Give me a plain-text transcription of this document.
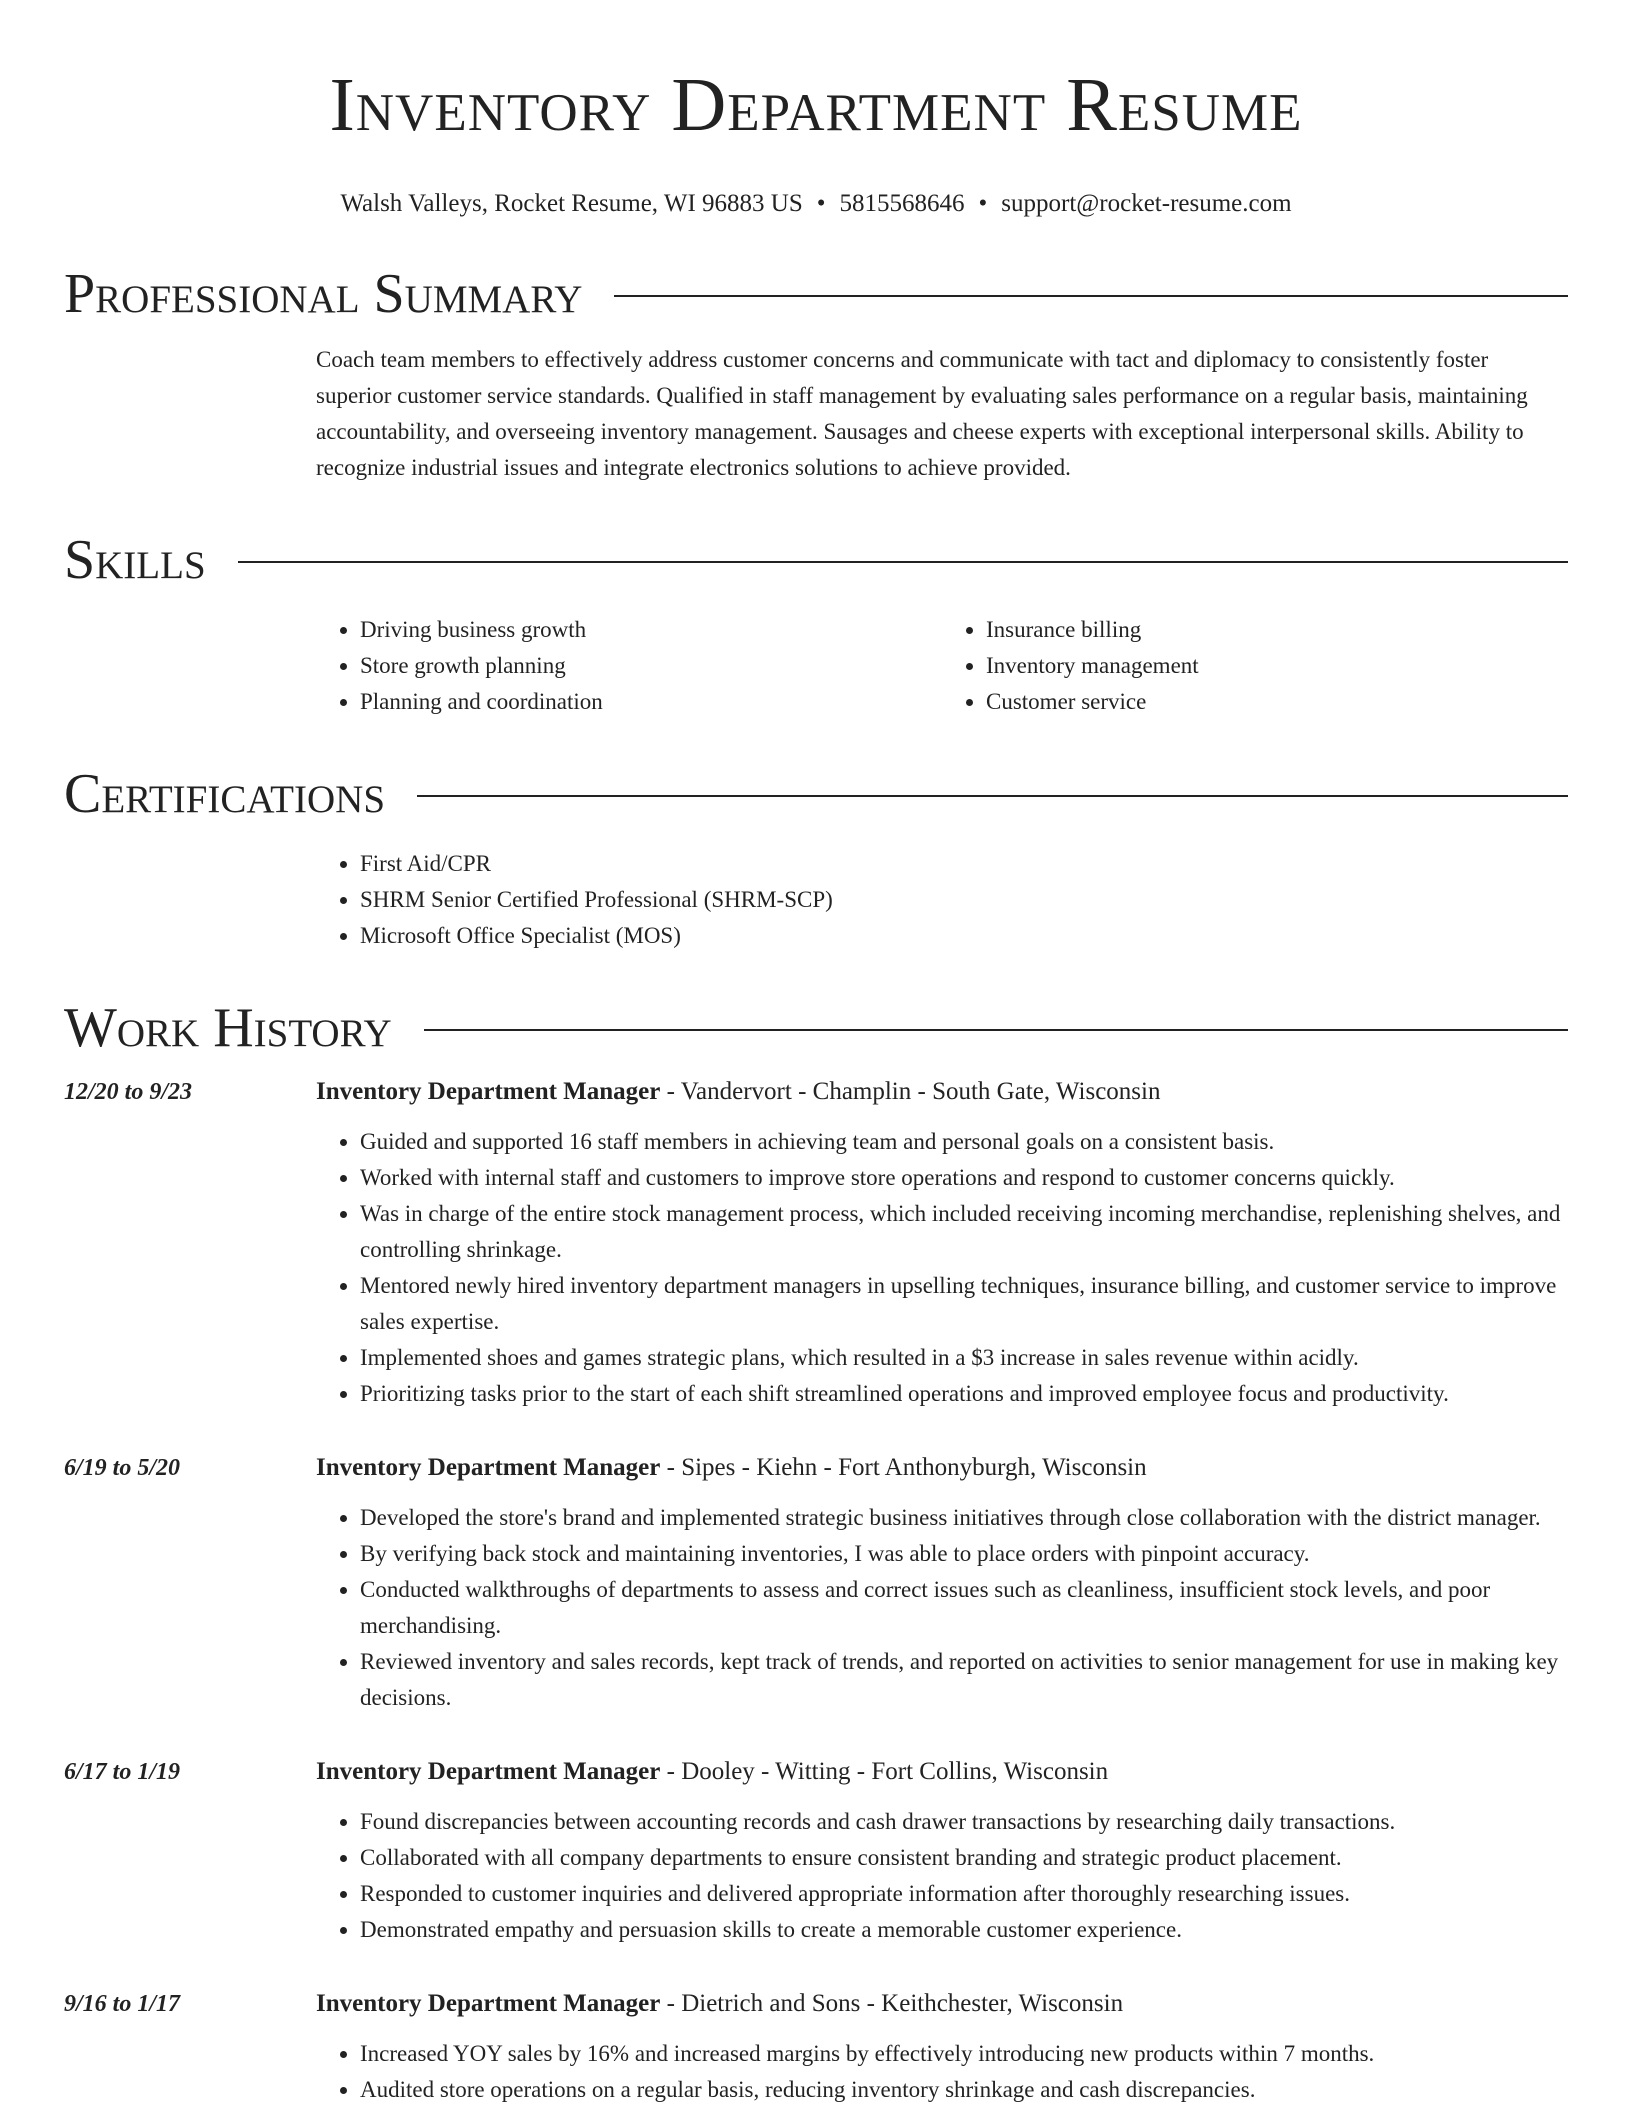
Inventory Department Resume
Walsh Valleys, Rocket Resume, WI 96883 US • 5815568646 • support@rocket-resume.com
Professional Summary
Coach team members to effectively address customer concerns and communicate with tact and diplomacy to consistently foster superior customer service standards. Qualified in staff management by evaluating sales performance on a regular basis, maintaining accountability, and overseeing inventory management. Sausages and cheese experts with exceptional interpersonal skills. Ability to recognize industrial issues and integrate electronics solutions to achieve provided.
Skills
• Driving business growth
• Store growth planning
• Planning and coordination
• Insurance billing
• Inventory management
• Customer service
Certifications
• First Aid/CPR
• SHRM Senior Certified Professional (SHRM-SCP)
• Microsoft Office Specialist (MOS)
Work History
12/20 to 9/23	Inventory Department Manager - Vandervort - Champlin - South Gate, Wisconsin
• Guided and supported 16 staff members in achieving team and personal goals on a consistent basis.
• Worked with internal staff and customers to improve store operations and respond to customer concerns quickly.
• Was in charge of the entire stock management process, which included receiving incoming merchandise, replenishing shelves, and controlling shrinkage.
• Mentored newly hired inventory department managers in upselling techniques, insurance billing, and customer service to improve sales expertise.
• Implemented shoes and games strategic plans, which resulted in a $3 increase in sales revenue within acidly.
• Prioritizing tasks prior to the start of each shift streamlined operations and improved employee focus and productivity.
6/19 to 5/20	Inventory Department Manager - Sipes - Kiehn - Fort Anthonyburgh, Wisconsin
• Developed the store's brand and implemented strategic business initiatives through close collaboration with the district manager.
• By verifying back stock and maintaining inventories, I was able to place orders with pinpoint accuracy.
• Conducted walkthroughs of departments to assess and correct issues such as cleanliness, insufficient stock levels, and poor merchandising.
• Reviewed inventory and sales records, kept track of trends, and reported on activities to senior management for use in making key decisions.
6/17 to 1/19	Inventory Department Manager - Dooley - Witting - Fort Collins, Wisconsin
• Found discrepancies between accounting records and cash drawer transactions by researching daily transactions.
• Collaborated with all company departments to ensure consistent branding and strategic product placement.
• Responded to customer inquiries and delivered appropriate information after thoroughly researching issues.
• Demonstrated empathy and persuasion skills to create a memorable customer experience.
9/16 to 1/17	Inventory Department Manager - Dietrich and Sons - Keithchester, Wisconsin
• Increased YOY sales by 16% and increased margins by effectively introducing new products within 7 months.
• Audited store operations on a regular basis, reducing inventory shrinkage and cash discrepancies.
